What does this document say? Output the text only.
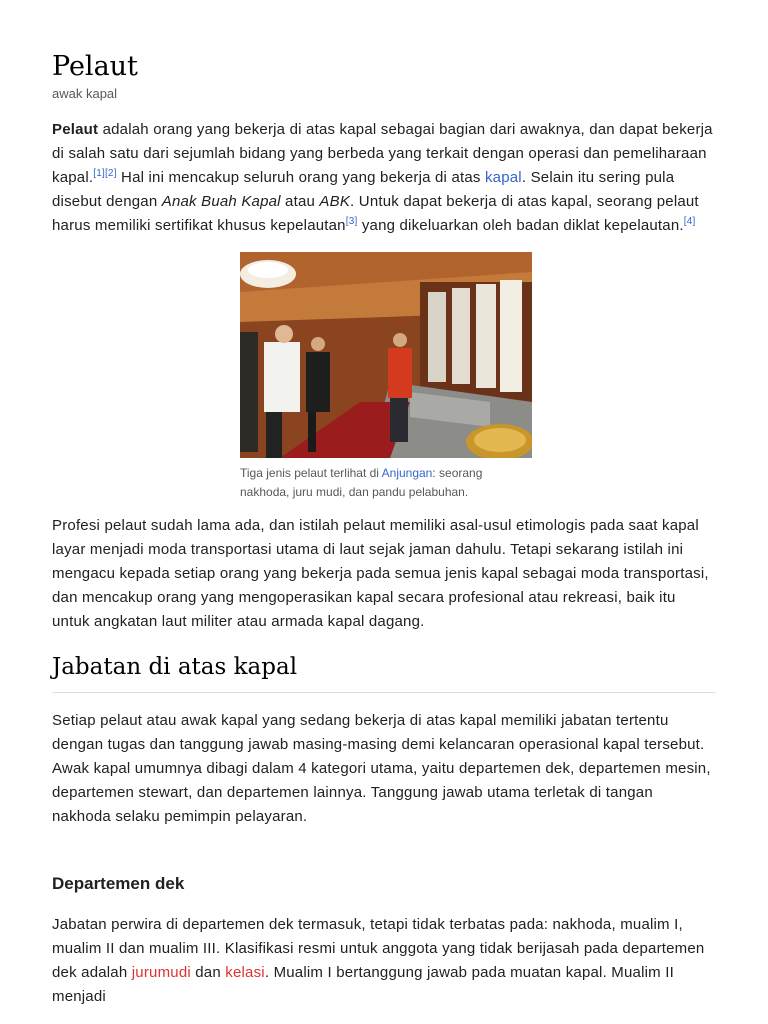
Pelaut
awak kapal

Pelaut adalah orang yang bekerja di atas kapal sebagai bagian dari awaknya, dan dapat bekerja di salah satu dari sejumlah bidang yang berbeda yang terkait dengan operasi dan pemeliharaan kapal.[1][2] Hal ini mencakup seluruh orang yang bekerja di atas kapal. Selain itu sering pula disebut dengan Anak Buah Kapal atau ABK. Untuk dapat bekerja di atas kapal, seorang pelaut harus memiliki sertifikat khusus kepelautan[3] yang dikeluarkan oleh badan diklat kepelautan.[4]

Tiga jenis pelaut terlihat di Anjungan: seorang nakhoda, juru mudi, dan pandu pelabuhan.

Profesi pelaut sudah lama ada, dan istilah pelaut memiliki asal-usul etimologis pada saat kapal layar menjadi moda transportasi utama di laut sejak jaman dahulu. Tetapi sekarang istilah ini mengacu kepada setiap orang yang bekerja pada semua jenis kapal sebagai moda transportasi, dan mencakup orang yang mengoperasikan kapal secara profesional atau rekreasi, baik itu untuk angkatan laut militer atau armada kapal dagang.

Jabatan di atas kapal

Setiap pelaut atau awak kapal yang sedang bekerja di atas kapal memiliki jabatan tertentu dengan tugas dan tanggung jawab masing-masing demi kelancaran operasional kapal tersebut. Awak kapal umumnya dibagi dalam 4 kategori utama, yaitu departemen dek, departemen mesin, departemen stewart, dan departemen lainnya. Tanggung jawab utama terletak di tangan nakhoda selaku pemimpin pelayaran.

Departemen dek

Jabatan perwira di departemen dek termasuk, tetapi tidak terbatas pada: nakhoda, mualim I, mualim II dan mualim III. Klasifikasi resmi untuk anggota yang tidak berijasah pada departemen dek adalah jurumudi dan kelasi. Mualim I bertanggung jawab pada muatan kapal. Mualim II menjadi
